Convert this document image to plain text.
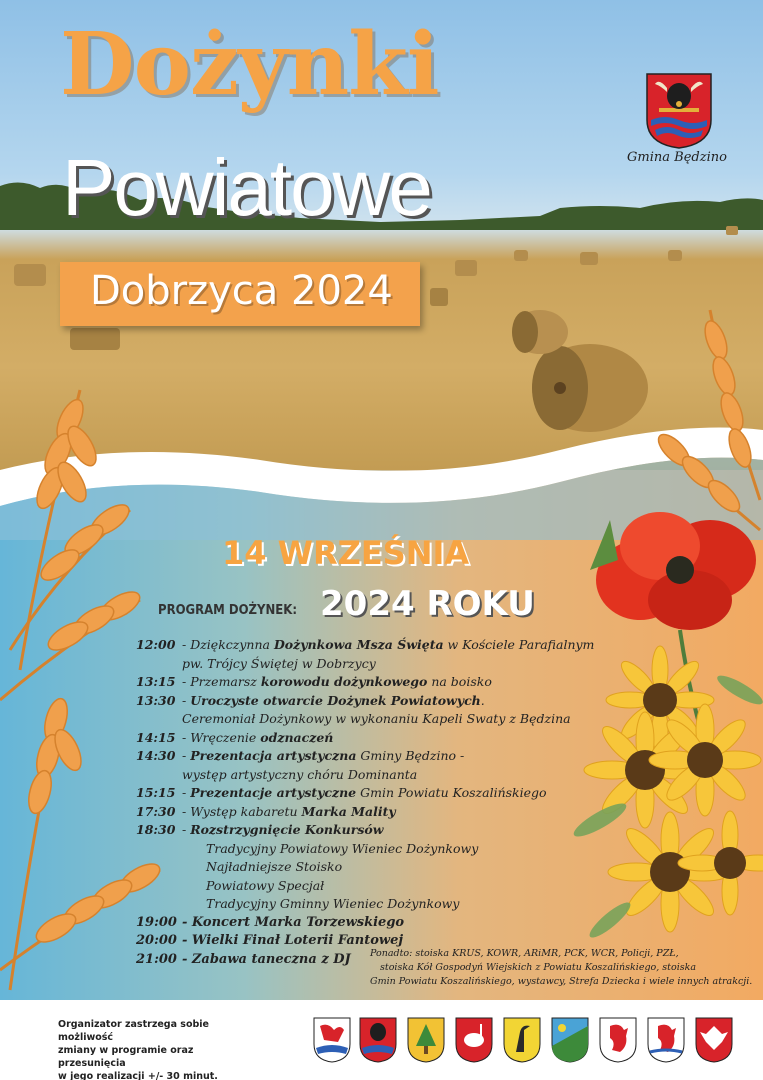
Dożynki
Powiatowe
Dobrzyca 2024
Gmina Będzino
14 WRZEŚNIA
2024 ROKU
PROGRAM DOŻYNEK:
12:00 - Dziękczynna Dożynkowa Msza Święta w Kościele Parafialnym
pw. Trójcy Świętej w Dobrzycy
13:15 - Przemarsz korowodu dożynkowego na boisko
13:30 - Uroczyste otwarcie Dożynek Powiatowych.
Ceremoniał Dożynkowy w wykonaniu Kapeli Swaty z Będzina
14:15 - Wręczenie odznaczeń
14:30 - Prezentacja artystyczna Gminy Będzino -
występ artystyczny chóru Dominanta
15:15 - Prezentacje artystyczne Gmin Powiatu Koszalińskiego
17:30 - Występ kabaretu Marka Mality
18:30 - Rozstrzygnięcie Konkursów
Tradycyjny Powiatowy Wieniec Dożynkowy
Najładniejsze Stoisko
Powiatowy Specjał
Tradycyjny Gminny Wieniec Dożynkowy
19:00 - Koncert Marka Torzewskiego
20:00 - Wielki Finał Loterii Fantowej
21:00 - Zabawa taneczna z DJ Ponadto: stoiska KRUS, KOWR, ARiMR, PCK, WCR, Policji, PZŁ,
stoiska Kół Gospodyń Wiejskich z Powiatu Koszalińskiego, stoiska
Gmin Powiatu Koszalińskiego, wystawcy, Strefa Dziecka i wiele innych atrakcji.
Organizator zastrzega sobie możliwość
zmiany w programie oraz przesunięcia
w jego realizacji +/- 30 minut.
